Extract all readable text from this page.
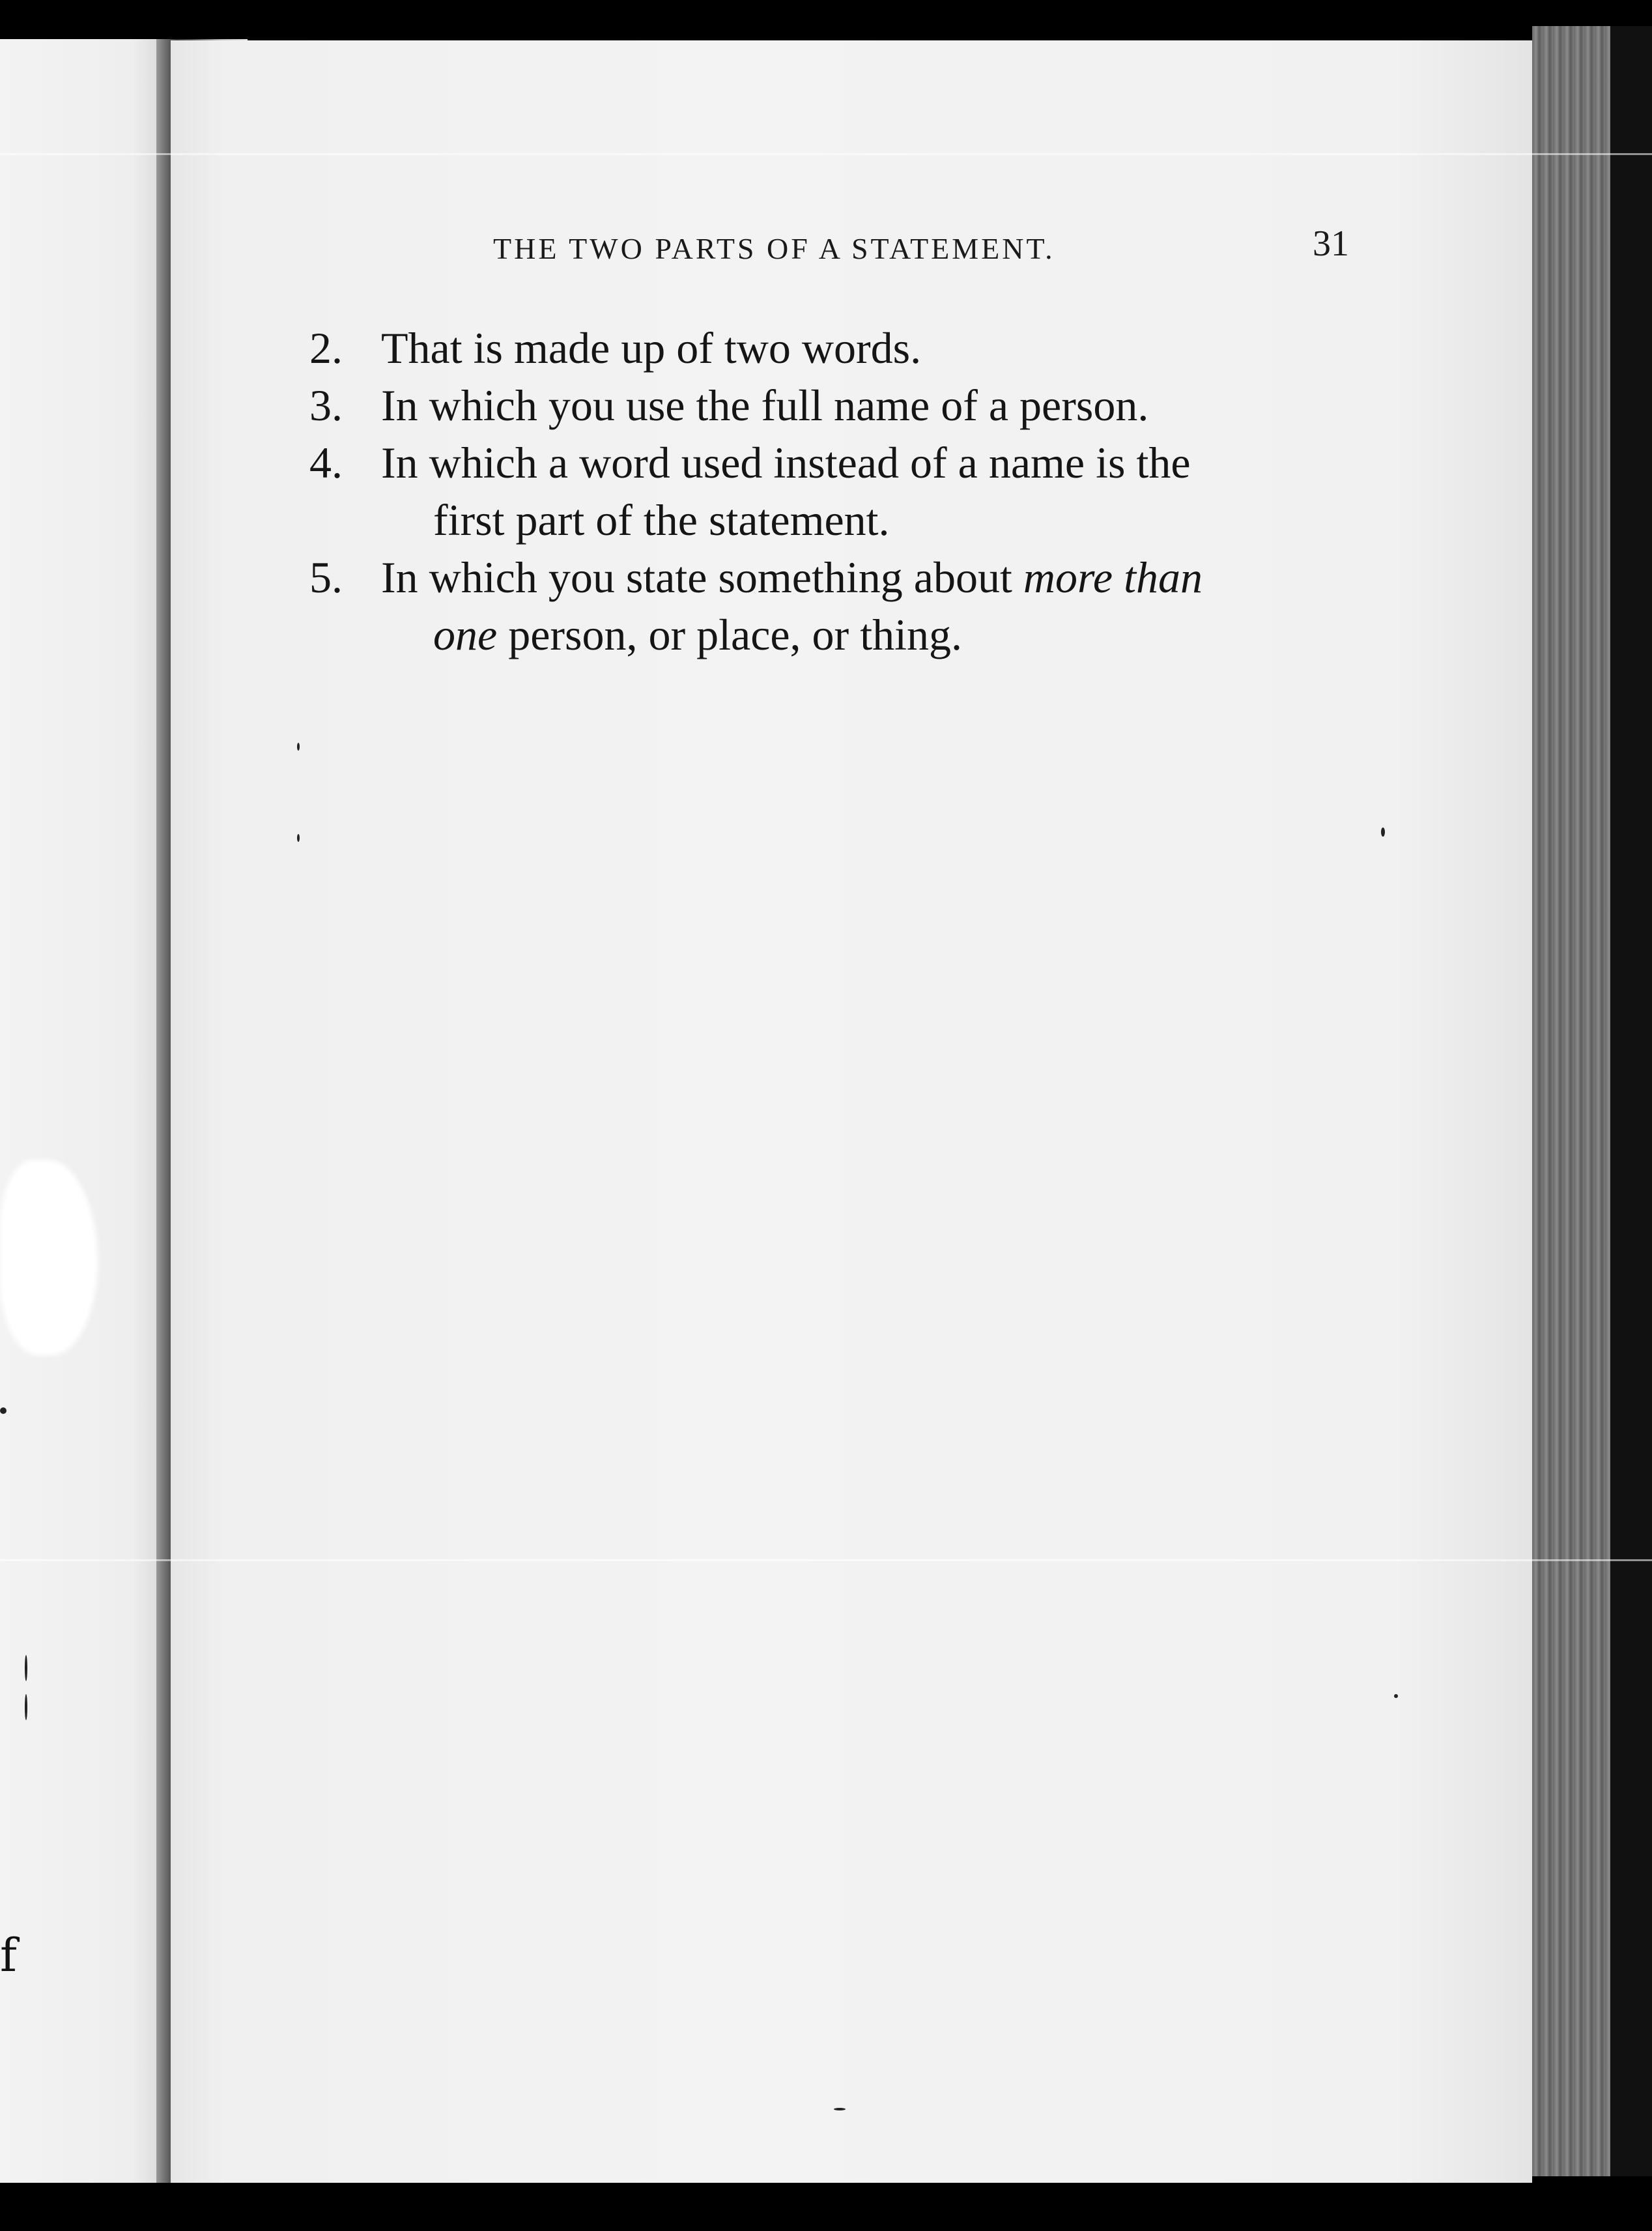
f
THE TWO PARTS OF A STATEMENT.	31
2. That is made up of two words.
3. In which you use the full name of a person.
4. In which a word used instead of a name is the
first part of the statement.
5. In which you state something about more than
one person, or place, or thing.
